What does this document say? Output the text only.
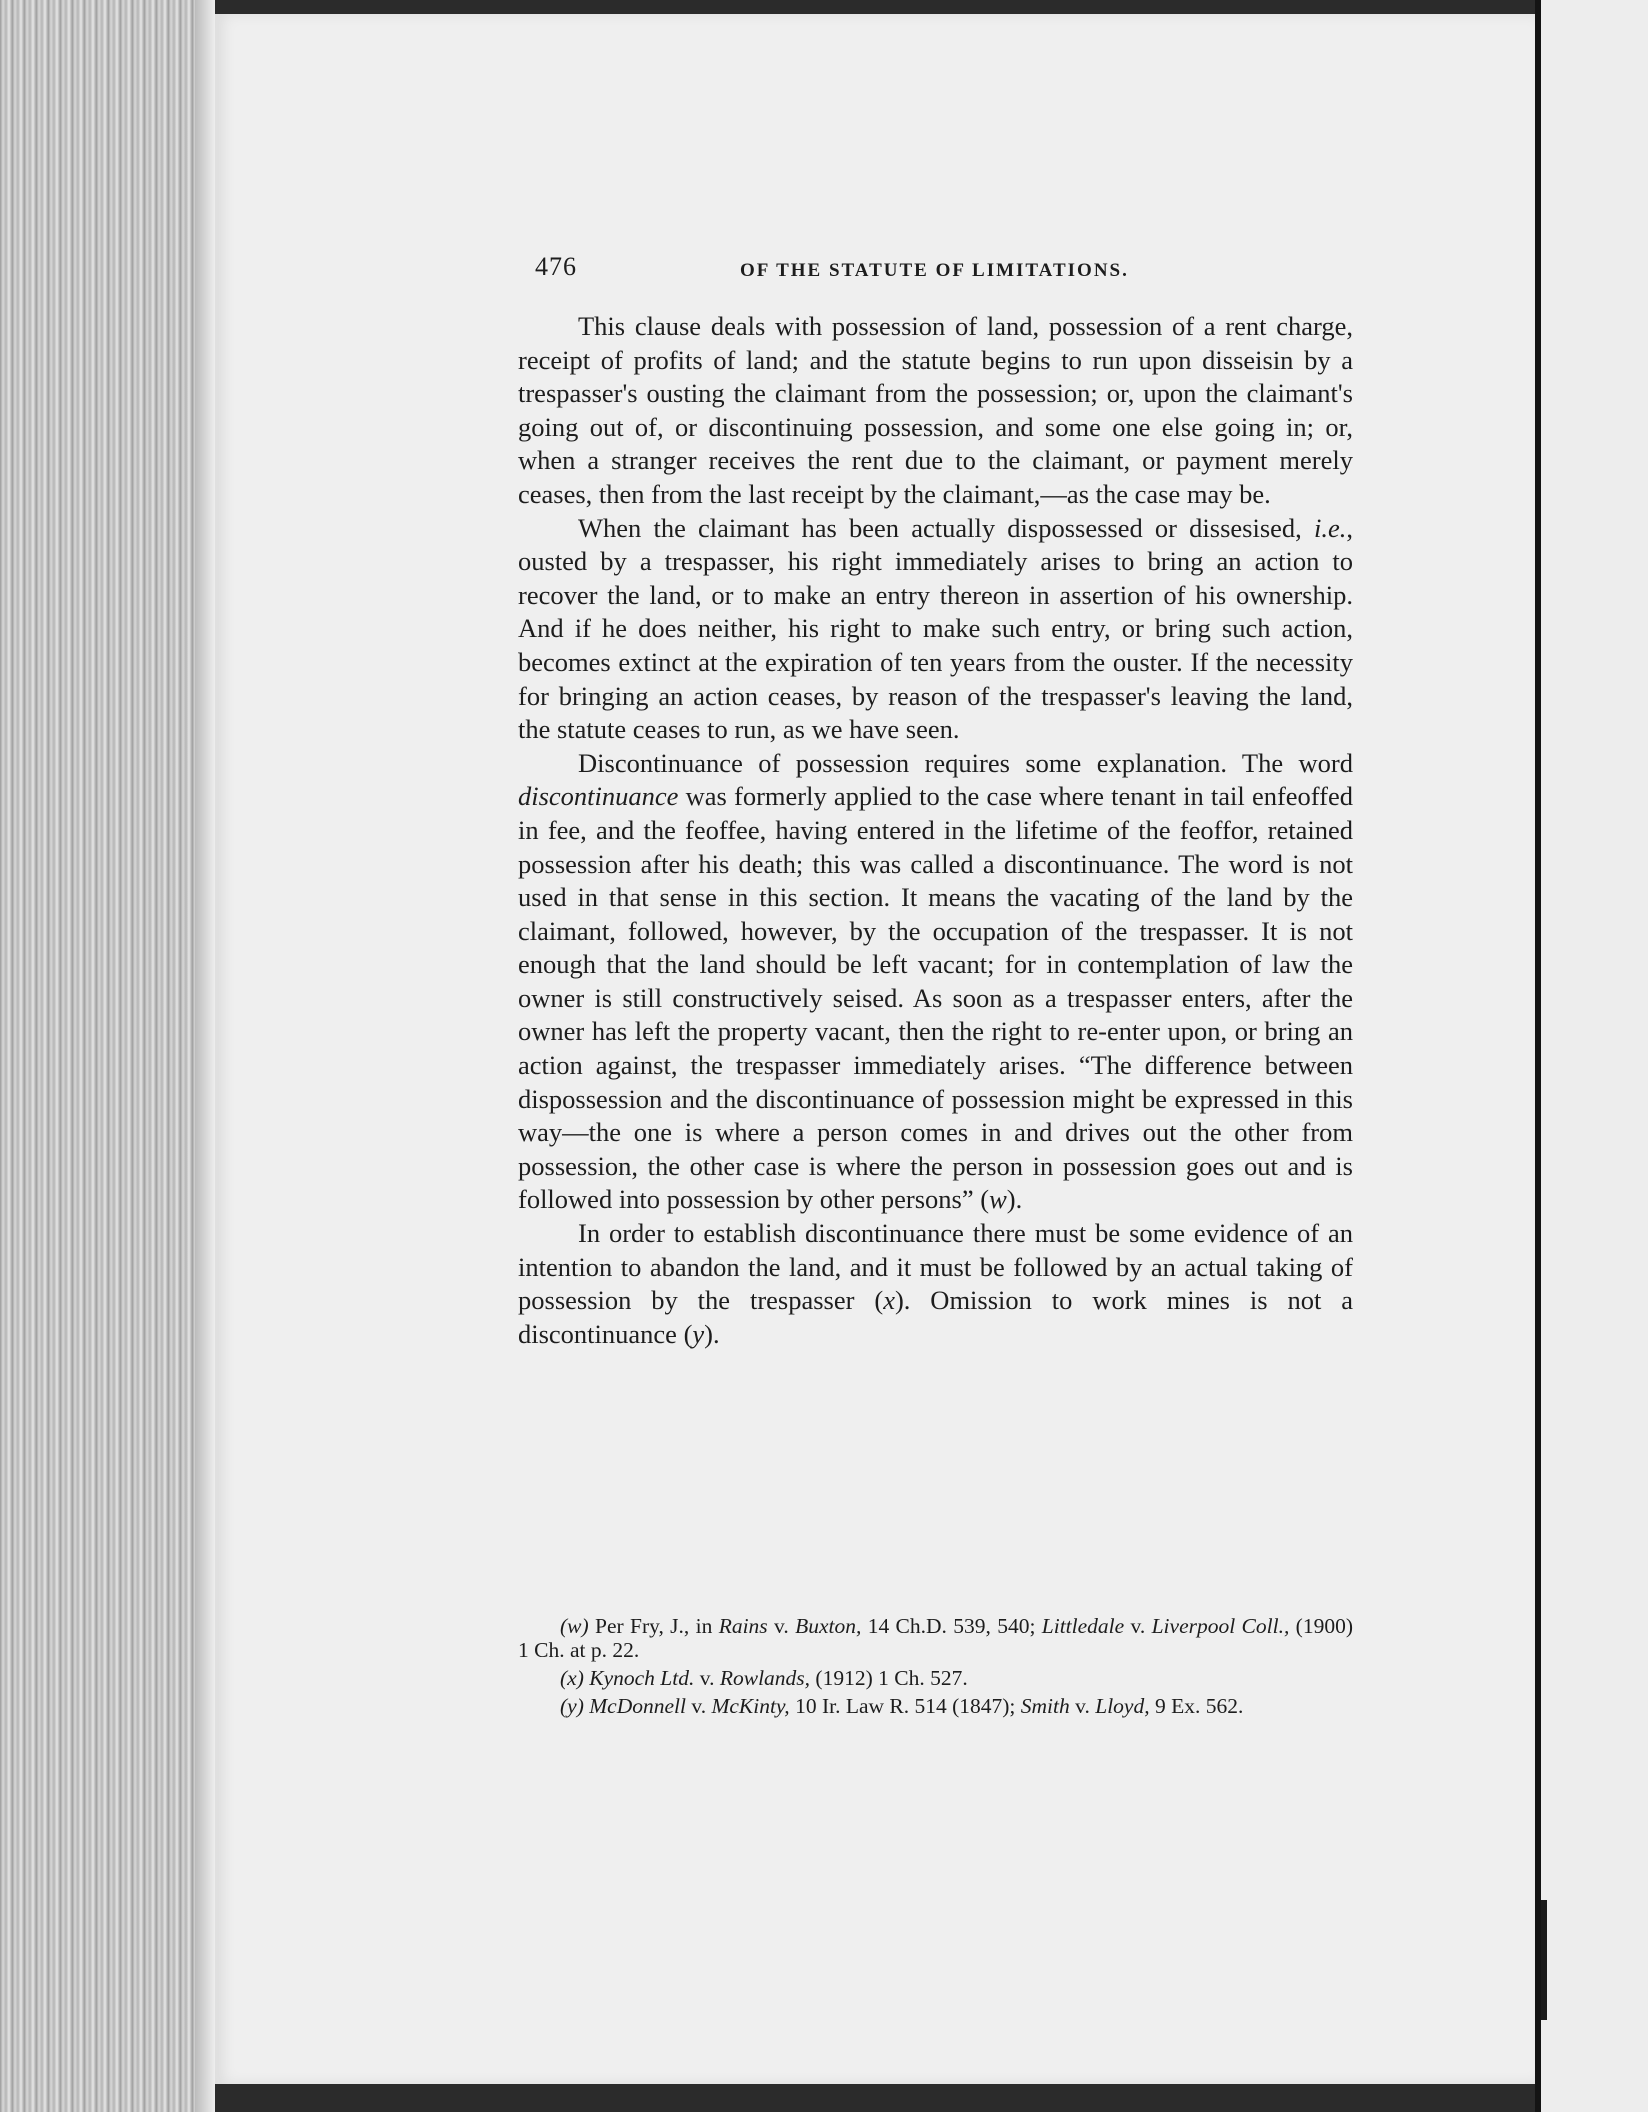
476	OF THE STATUTE OF LIMITATIONS.

This clause deals with possession of land, possession of a rent charge, receipt of profits of land; and the statute begins to run upon disseisin by a trespasser's ousting the claimant from the possession; or, upon the claimant's going out of, or discontinuing possession, and some one else going in; or, when a stranger receives the rent due to the claimant, or payment merely ceases, then from the last receipt by the claimant,—as the case may be.

When the claimant has been actually dispossessed or dissesised, i.e., ousted by a trespasser, his right immediately arises to bring an action to recover the land, or to make an entry thereon in assertion of his ownership. And if he does neither, his right to make such entry, or bring such action, becomes extinct at the expiration of ten years from the ouster. If the necessity for bringing an action ceases, by reason of the trespasser's leaving the land, the statute ceases to run, as we have seen.

Discontinuance of possession requires some explanation. The word discontinuance was formerly applied to the case where tenant in tail enfeoffed in fee, and the feoffee, having entered in the lifetime of the feoffor, retained possession after his death; this was called a discontinuance. The word is not used in that sense in this section. It means the vacating of the land by the claimant, followed, however, by the occupation of the trespasser. It is not enough that the land should be left vacant; for in contemplation of law the owner is still constructively seised. As soon as a trespasser enters, after the owner has left the property vacant, then the right to re-enter upon, or bring an action against, the trespasser immediately arises. “The difference between dispossession and the discontinuance of possession might be expressed in this way—the one is where a person comes in and drives out the other from possession, the other case is where the person in possession goes out and is followed into possession by other persons” (w).

In order to establish discontinuance there must be some evidence of an intention to abandon the land, and it must be followed by an actual taking of possession by the trespasser (x). Omission to work mines is not a discontinuance (y).

(w) Per Fry, J., in Rains v. Buxton, 14 Ch.D. 539, 540; Littledale v. Liverpool Coll., (1900) 1 Ch. at p. 22.

(x) Kynoch Ltd. v. Rowlands, (1912) 1 Ch. 527.

(y) McDonnell v. McKinty, 10 Ir. Law R. 514 (1847); Smith v. Lloyd, 9 Ex. 562.
